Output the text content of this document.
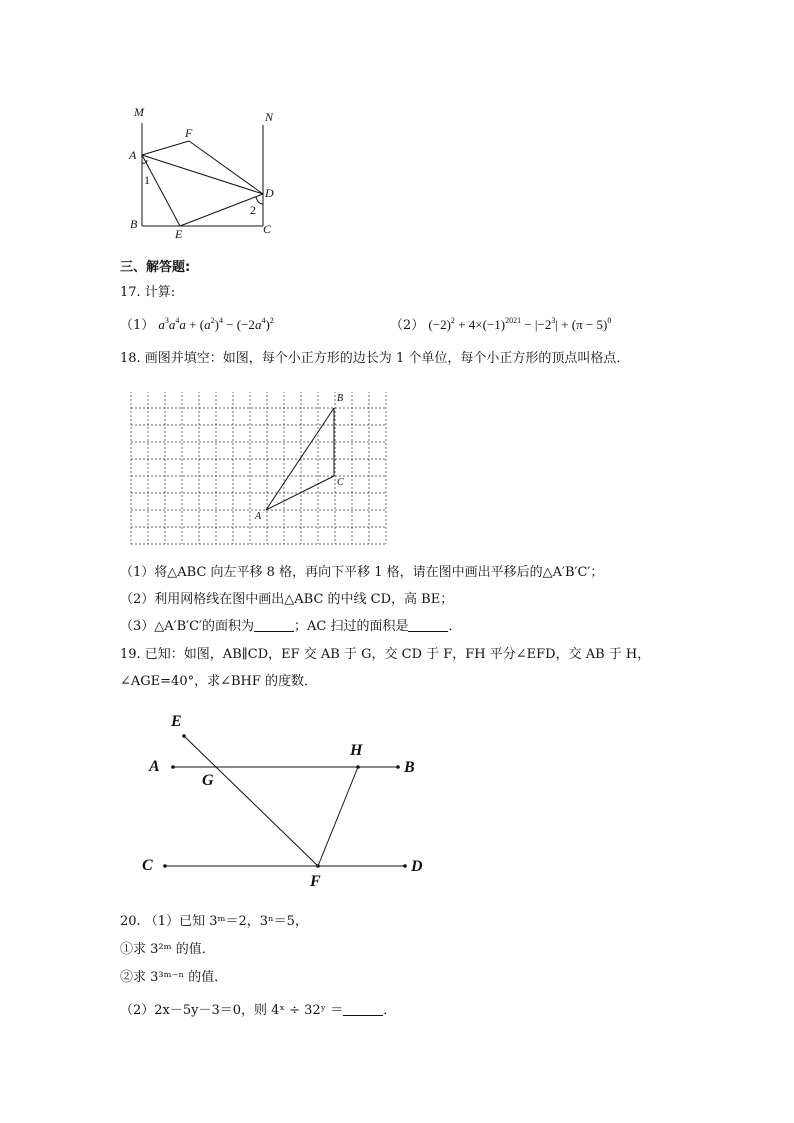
M	N
F
A
1
D
2
B
E	C
三、解答题:
17. 计算:
（1） $a^3a^4a + (a^2)^4 - (-2a^4)^2$	（2） $(-2)^2 + 4\times(-1)^{2021} - |-2^3| + (\pi - 5)^0$
18. 画图并填空：如图，每个小正方形的边长为 1 个单位，每个小正方形的顶点叫格点．
B
C
A
（1）将△ABC 向左平移 8 格，再向下平移 1 格，请在图中画出平移后的△A′B′C′；
（2）利用网格线在图中画出△ABC 的中线 CD，高 BE；
（3）△A′B′C′的面积为	；AC 扫过的面积是	．
19. 已知：如图，AB∥CD，EF 交 AB 于 G，交 CD 于 F，FH 平分∠EFD，交 AB 于 H，
∠AGE=40°，求∠BHF 的度数．
E
H
A
G
B
C
F
D
20. （1）已知 3ᵐ＝2，3ⁿ＝5，
①求 3²ᵐ 的值．
②求 3³ᵐ⁻ⁿ 的值．
（2）2x－5y－3＝0，则 4ˣ ÷ 32ʸ ＝	．
